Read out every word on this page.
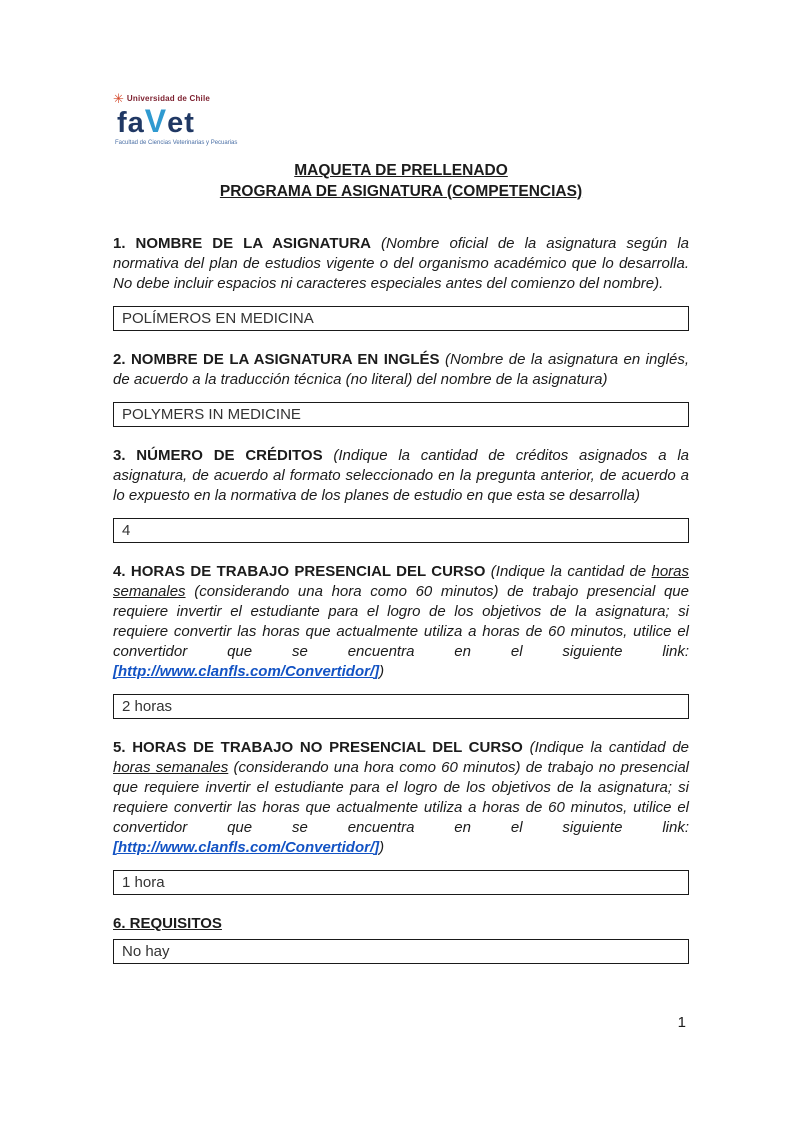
✳ Universidad de Chile
faVet
Facultad de Ciencias Veterinarias y Pecuarias
MAQUETA DE PRELLENADO
PROGRAMA DE ASIGNATURA (COMPETENCIAS)

1. NOMBRE DE LA ASIGNATURA (Nombre oficial de la asignatura según la normativa del plan de estudios vigente o del organismo académico que lo desarrolla. No debe incluir espacios ni caracteres especiales antes del comienzo del nombre).

POLÍMEROS EN MEDICINA

2. NOMBRE DE LA ASIGNATURA EN INGLÉS (Nombre de la asignatura en inglés, de acuerdo a la traducción técnica (no literal) del nombre de la asignatura)

POLYMERS IN MEDICINE

3. NÚMERO DE CRÉDITOS (Indique la cantidad de créditos asignados a la asignatura, de acuerdo al formato seleccionado en la pregunta anterior, de acuerdo a lo expuesto en la normativa de los planes de estudio en que esta se desarrolla)

4

4. HORAS DE TRABAJO PRESENCIAL DEL CURSO (Indique la cantidad de horas semanales (considerando una hora como 60 minutos) de trabajo presencial que requiere invertir el estudiante para el logro de los objetivos de la asignatura; si requiere convertir las horas que actualmente utiliza a horas de 60 minutos, utilice el convertidor que se encuentra en el siguiente link: [http://www.clanfls.com/Convertidor/])

2 horas

5. HORAS DE TRABAJO NO PRESENCIAL DEL CURSO (Indique la cantidad de horas semanales (considerando una hora como 60 minutos) de trabajo no presencial que requiere invertir el estudiante para el logro de los objetivos de la asignatura; si requiere convertir las horas que actualmente utiliza a horas de 60 minutos, utilice el convertidor que se encuentra en el siguiente link: [http://www.clanfls.com/Convertidor/])

1 hora
6. REQUISITOS
No hay
1
